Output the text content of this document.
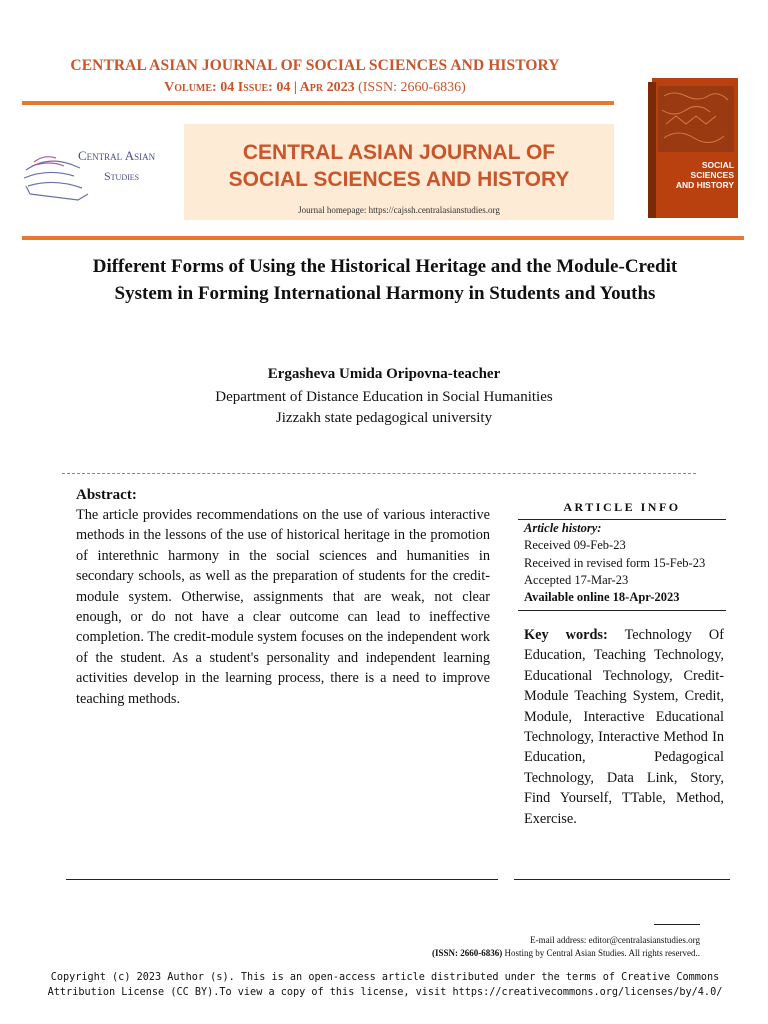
CENTRAL ASIAN JOURNAL OF SOCIAL SCIENCES AND HISTORY
Volume: 04 Issue: 04 | Apr 2023 (ISSN: 2660-6836)
Central Asian
Studies
CENTRAL ASIAN JOURNAL OF
SOCIAL SCIENCES AND HISTORY
Journal homepage: https://cajssh.centralasianstudies.org
SOCIAL
SCIENCES
AND HISTORY
Different Forms of Using the Historical Heritage and the Module-Credit System in Forming International Harmony in Students and Youths
Ergasheva Umida Oripovna-teacher
Department of Distance Education in Social Humanities
Jizzakh state pedagogical university
Abstract:
The article provides recommendations on the use of various interactive methods in the lessons of the use of historical heritage in the promotion of interethnic harmony in the social sciences and humanities in secondary schools, as well as the preparation of students for the credit-module system. Otherwise, assignments that are weak, not clear enough, or do not have a clear outcome can lead to ineffective completion. The credit-module system focuses on the independent work of the student. As a student's personality and independent learning activities develop in the learning process, there is a need to improve teaching methods.
ARTICLE INFO
Article history:
Received 09-Feb-23
Received in revised form 15-Feb-23
Accepted 17-Mar-23
Available online 18-Apr-2023
Key words: Technology Of Education, Teaching Technology, Educational Technology, Credit-Module Teaching System, Credit, Module, Interactive Educational Technology, Interactive Method In Education, Pedagogical Technology, Data Link, Story, Find Yourself, TTable, Method, Exercise.
E-mail address: editor@centralasianstudies.org
(ISSN: 2660-6836) Hosting by Central Asian Studies. All rights reserved..
Copyright (c) 2023 Author (s). This is an open-access article distributed under the terms of Creative Commons Attribution License (CC BY).To view a copy of this license, visit https://creativecommons.org/licenses/by/4.0/
